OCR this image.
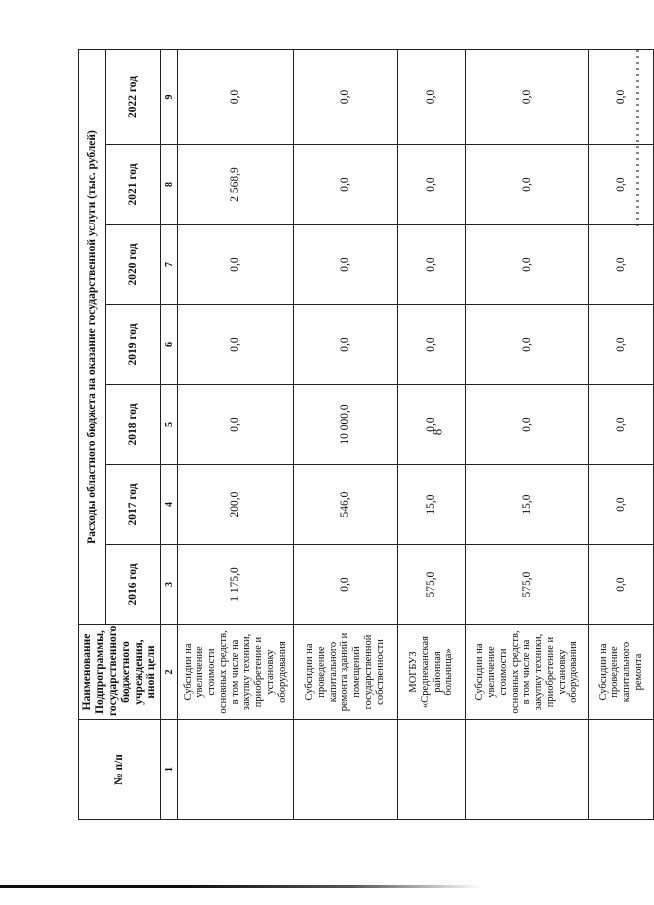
8
№ п/п	Наименование Подпрограммы, государственного бюджетного учреждения, иной цели	Расходы областного бюджета на оказание государственной услуги (тыс. рублей)						
		2016 год	2017 год	2018 год	2019 год	2020 год	2021 год	2022 год
1	2	3	4	5	6	7	8	9
	Субсидии на увеличение стоимости основных средств, в том числе на закупку техники, приобретение и установку оборудования	1 175,0	200,0	0,0	0,0	0,0	2 568,9	0,0
	Субсидии на проведение капитального ремонта зданий и помещений государственной собственности	0,0	546,0	10 000,0	0,0	0,0	0,0	0,0
	МОГБУЗ «Среднеканская районная больница»	575,0	15,0	0,0	0,0	0,0	0,0	0,0
	Субсидии на увеличение стоимости основных средств, в том числе на закупку техники, приобретение и установку оборудования	575,0	15,0	0,0	0,0	0,0	0,0	0,0
	Субсидии на проведение капитального ремонта	0,0	0,0	0,0	0,0	0,0	0,0	0,0
